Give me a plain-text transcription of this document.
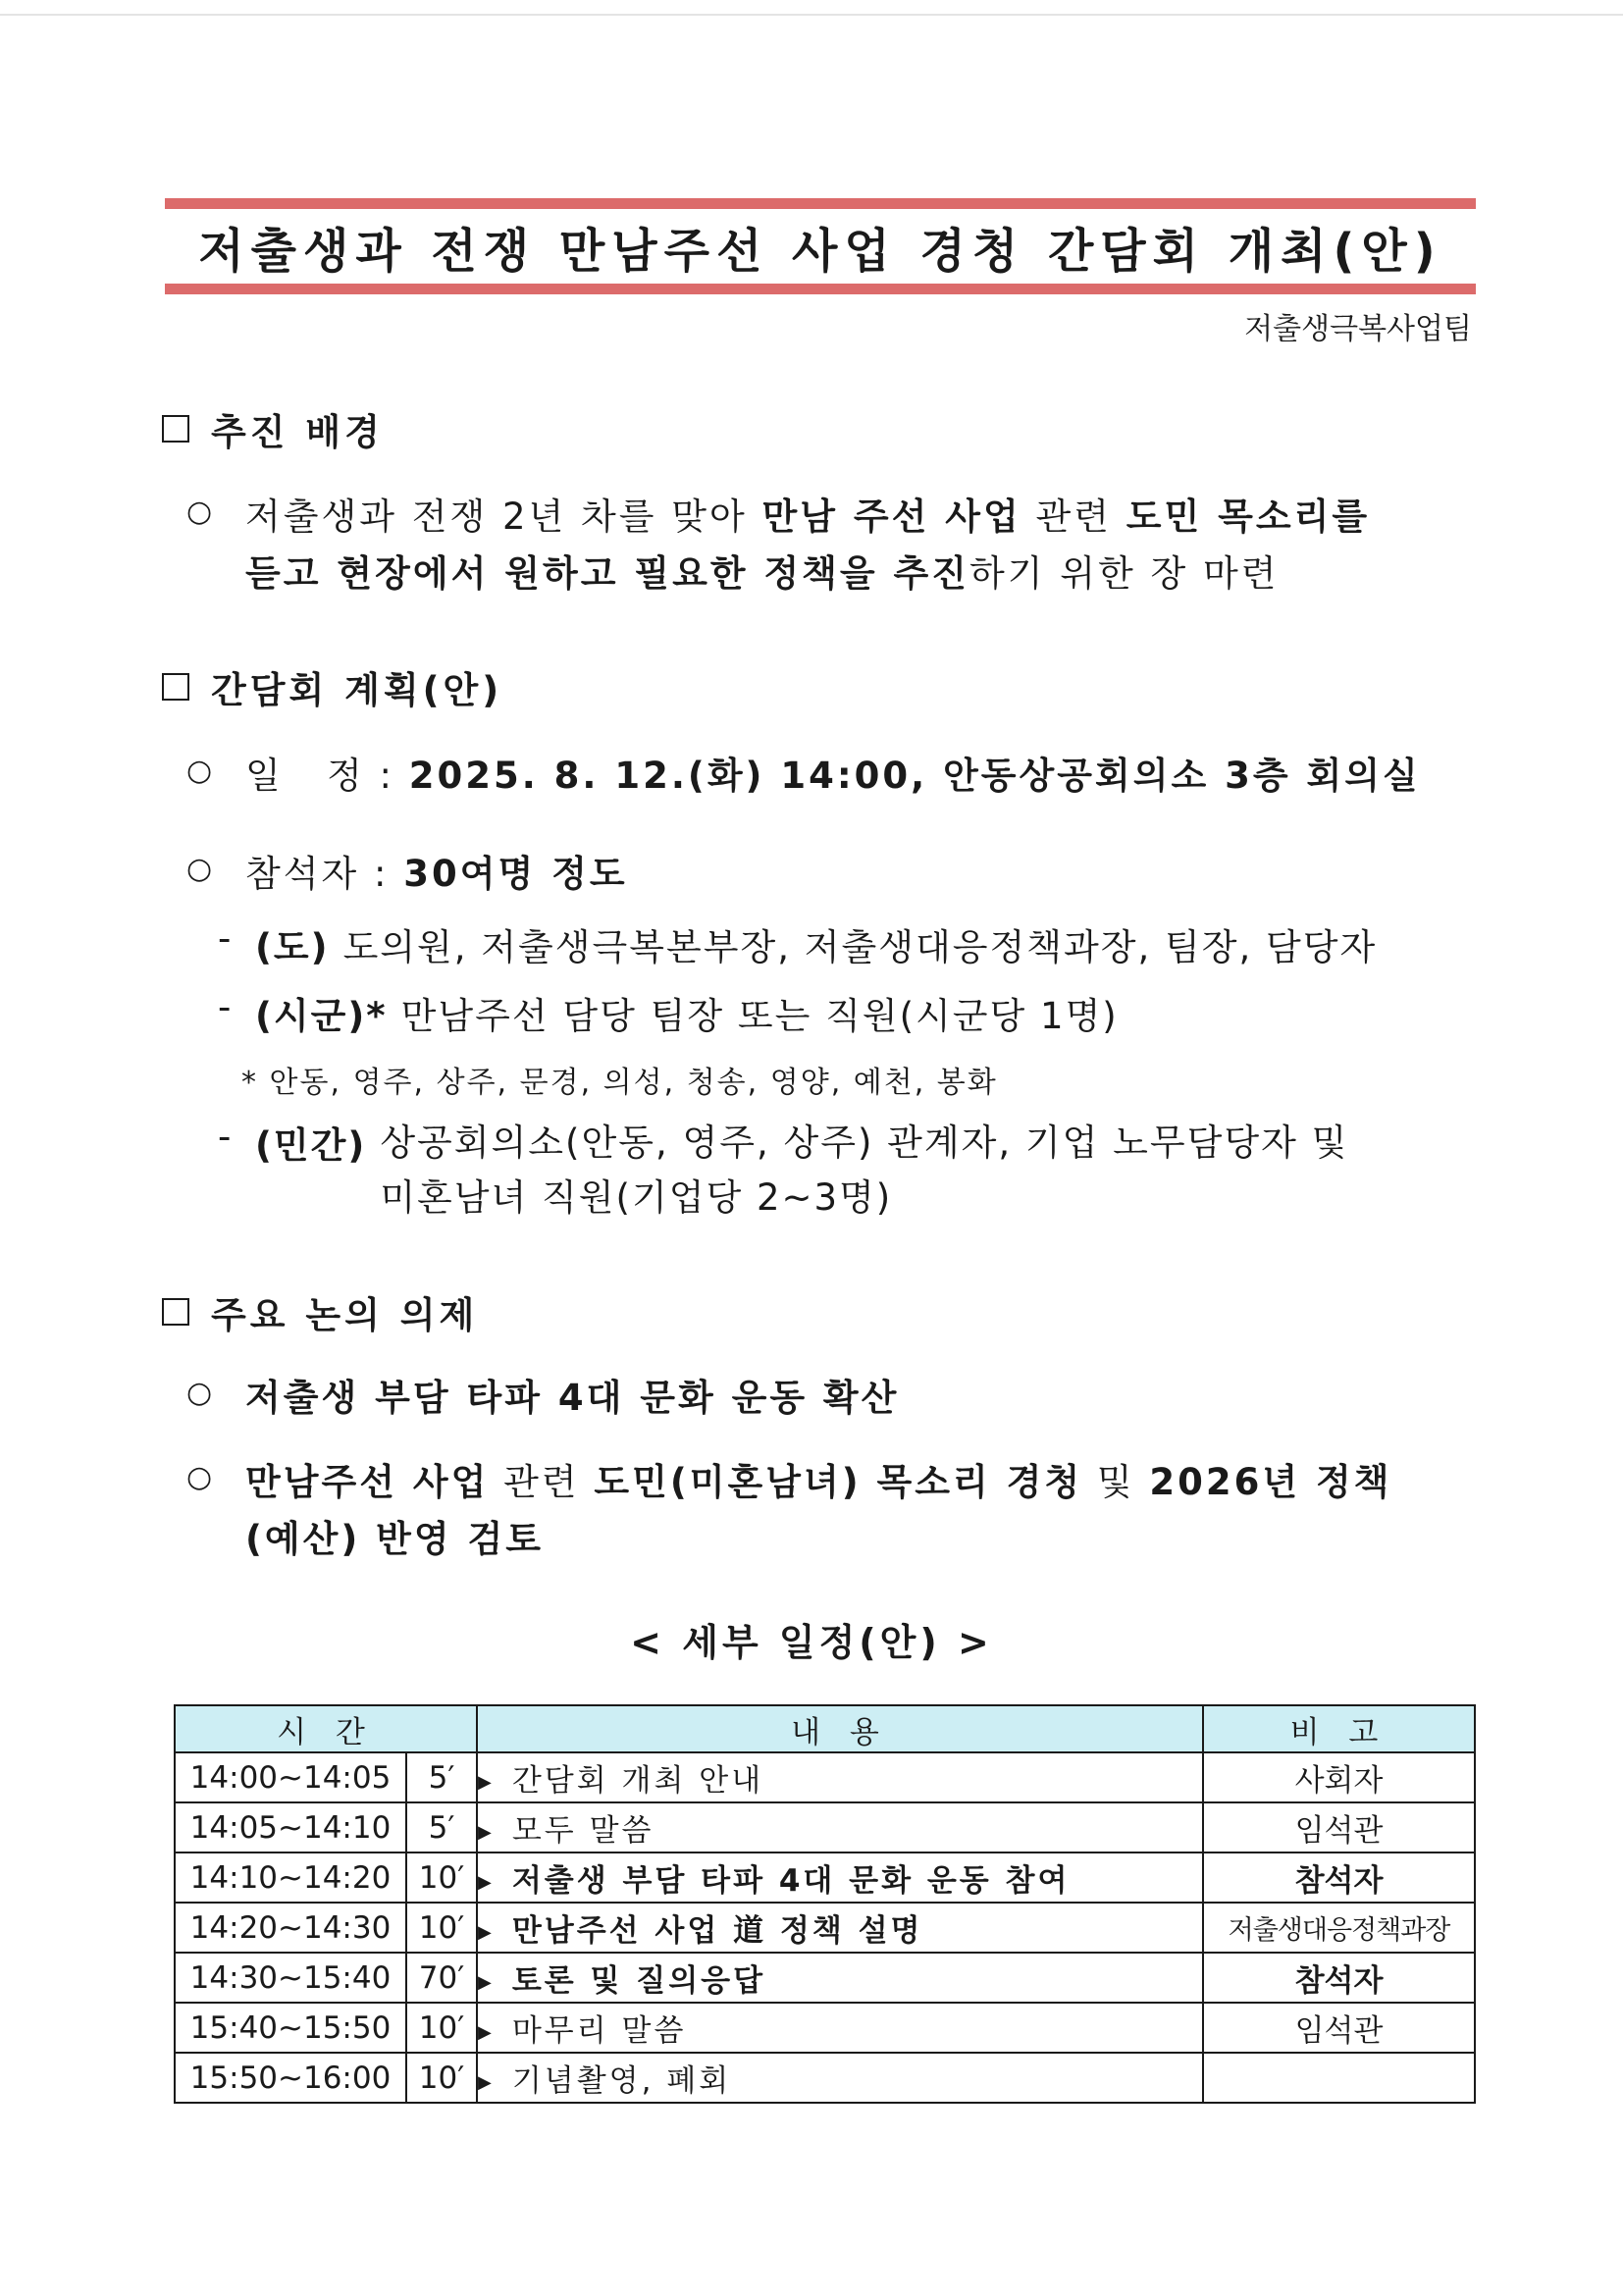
저출생과 전쟁 만남주선 사업 경청 간담회 개최(안)
저출생극복사업팀
추진 배경
○ 저출생과 전쟁 2년 차를 맞아 만남 주선 사업 관련 도민 목소리를
듣고 현장에서 원하고 필요한 정책을 추진하기 위한 장 마련
간담회 계획(안)
○ 일   정 : 2025. 8. 12.(화) 14:00, 안동상공회의소 3층 회의실
○ 참석자 : 30여명 정도
- (도) 도의원, 저출생극복본부장, 저출생대응정책과장, 팀장, 담당자
- (시군)* 만남주선 담당 팀장 또는 직원(시군당 1명)
* 안동, 영주, 상주, 문경, 의성, 청송, 영양, 예천, 봉화
- (민간) 상공회의소(안동, 영주, 상주) 관계자, 기업 노무담당자 및
미혼남녀 직원(기업당 2~3명)
주요 논의 의제
○ 저출생 부담 타파 4대 문화 운동 확산
○ 만남주선 사업 관련 도민(미혼남녀) 목소리 경청 및 2026년 정책
(예산) 반영 검토
< 세부 일정(안) >
시 간		내 용	비 고
14:00~14:05	5′	▶ 간담회 개최 안내	사회자
14:05~14:10	5′	▶ 모두 말씀	임석관
14:10~14:20	10′	▶ 저출생 부담 타파 4대 문화 운동 참여	참석자
14:20~14:30	10′	▶ 만남주선 사업 道 정책 설명	저출생대응정책과장
14:30~15:40	70′	▶ 토론 및 질의응답	참석자
15:40~15:50	10′	▶ 마무리 말씀	임석관
15:50~16:00	10′	▶ 기념촬영, 폐회	
